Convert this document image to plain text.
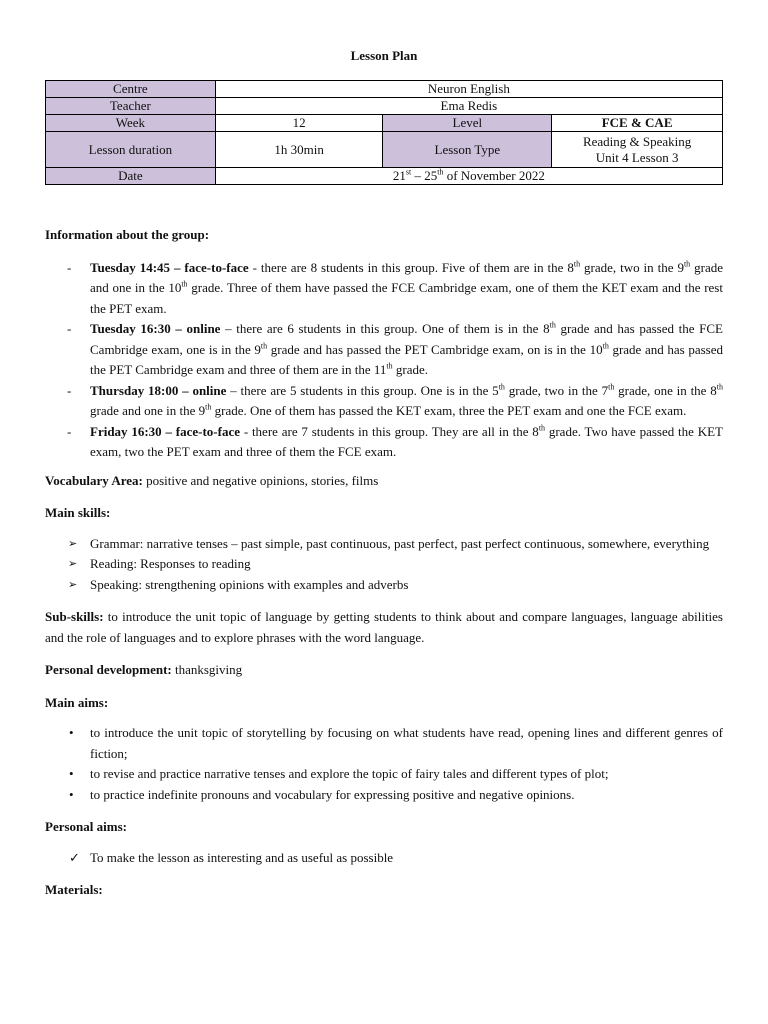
Lesson Plan
Centre	Neuron English		
Teacher	Ema Redis		
Week	12	Level	FCE & CAE
Lesson duration	1h 30min	Lesson Type	Reading & Speaking
Unit 4 Lesson 3

Date	21st – 25th of November 2022		

Information about the group:

- Tuesday 14:45 – face-to-face - there are 8 students in this group. Five of them are in the 8th grade, two in the 9th grade and one in the 10th grade. Three of them have passed the FCE Cambridge exam, one of them the KET exam and the rest the PET exam.
- Tuesday 16:30 – online – there are 6 students in this group. One of them is in the 8th grade and has passed the FCE Cambridge exam, one is in the 9th grade and has passed the PET Cambridge exam, on is in the 10th grade and has passed the PET Cambridge exam and three of them are in the 11th grade.
- Thursday 18:00 – online – there are 5 students in this group. One is in the 5th grade, two in the 7th grade, one in the 8th grade and one in the 9th grade. One of them has passed the KET exam, three the PET exam and one the FCE exam.
- Friday 16:30 – face-to-face - there are 7 students in this group. They are all in the 8th grade. Two have passed the KET exam, two the PET exam and three of them the FCE exam.

Vocabulary Area: positive and negative opinions, stories, films

Main skills:

➢ Grammar: narrative tenses – past simple, past continuous, past perfect, past perfect continuous, somewhere, everything
➢ Reading: Responses to reading
➢ Speaking: strengthening opinions with examples and adverbs

Sub-skills: to introduce the unit topic of language by getting students to think about and compare languages, language abilities and the role of languages and to explore phrases with the word language.

Personal development: thanksgiving

Main aims:

• to introduce the unit topic of storytelling by focusing on what students have read, opening lines and different genres of fiction;
• to revise and practice narrative tenses and explore the topic of fairy tales and different types of plot;
• to practice indefinite pronouns and vocabulary for expressing positive and negative opinions.

Personal aims:

✓ To make the lesson as interesting and as useful as possible

Materials:
